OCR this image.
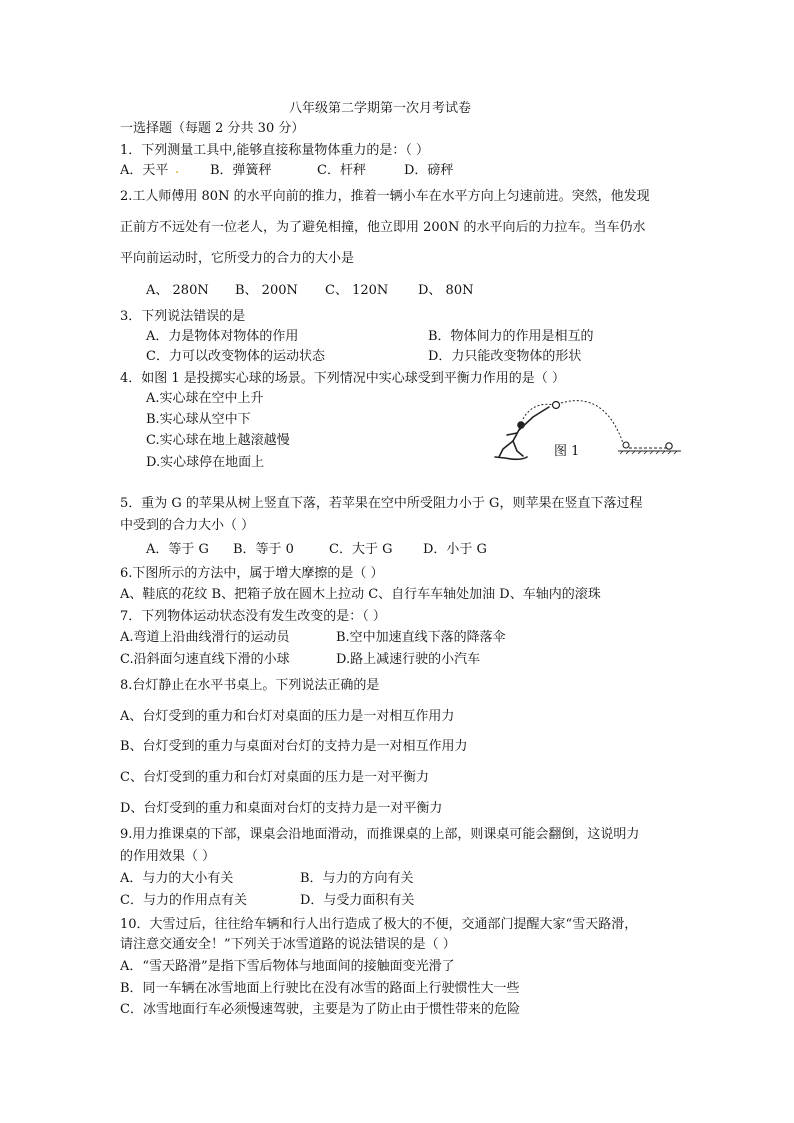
八年级第二学期第一次月考试卷
一选择题（每题 2 分共 30 分）
1．下列测量工具中,能够直接称量物体重力的是：（ ）
A．天平 . B．弹簧秤	C．杆秤	D．磅秤
2.工人师傅用 80N 的水平向前的推力，推着一辆小车在水平方向上匀速前进。突然，他发现
正前方不远处有一位老人，为了避免相撞，他立即用 200N 的水平向后的力拉车。当车仍水
平向前运动时，它所受力的合力的大小是
A、 280N B、 200N C、 120N D、 80N
3．下列说法错误的是
A．力是物体对物体的作用	B．物体间力的作用是相互的
C．力可以改变物体的运动状态	D．力只能改变物体的形状
4．如图 1 是投掷实心球的场景。下列情况中实心球受到平衡力作用的是（ ）
A.实心球在空中上升
B.实心球从空中下
C.实心球在地上越滚越慢
D.实心球停在地面上
图 1
5．重为 G 的苹果从树上竖直下落，若苹果在空中所受阻力小于 G，则苹果在竖直下落过程
中受到的合力大小（ ）
A．等于 G B．等于 0	C．大于 G D．小于 G
6.下图所示的方法中，属于增大摩擦的是（ ）
A、鞋底的花纹 B、把箱子放在圆木上拉动 C、自行车车轴处加油 D、车轴内的滚珠
7．下列物体运动状态没有发生改变的是：（ ）
A.弯道上沿曲线滑行的运动员	B.空中加速直线下落的降落伞
C.沿斜面匀速直线下滑的小球	D.路上减速行驶的小汽车
8.台灯静止在水平书桌上。下列说法正确的是
A、台灯受到的重力和台灯对桌面的压力是一对相互作用力
B、台灯受到的重力与桌面对台灯的支持力是一对相互作用力
C、台灯受到的重力和台灯对桌面的压力是一对平衡力
D、台灯受到的重力和桌面对台灯的支持力是一对平衡力
9.用力推课桌的下部，课桌会沿地面滑动，而推课桌的上部，则课桌可能会翻倒，这说明力
的作用效果（ ）
A．与力的大小有关	B．与力的方向有关
C．与力的作用点有关	D．与受力面积有关
10．大雪过后，往往给车辆和行人出行造成了极大的不便，交通部门提醒大家“雪天路滑，
请注意交通安全！”下列关于冰雪道路的说法错误的是（ ）
A．“雪天路滑”是指下雪后物体与地面间的接触面变光滑了
B．同一车辆在冰雪地面上行驶比在没有冰雪的路面上行驶惯性大一些
C．冰雪地面行车必须慢速驾驶，主要是为了防止由于惯性带来的危险
